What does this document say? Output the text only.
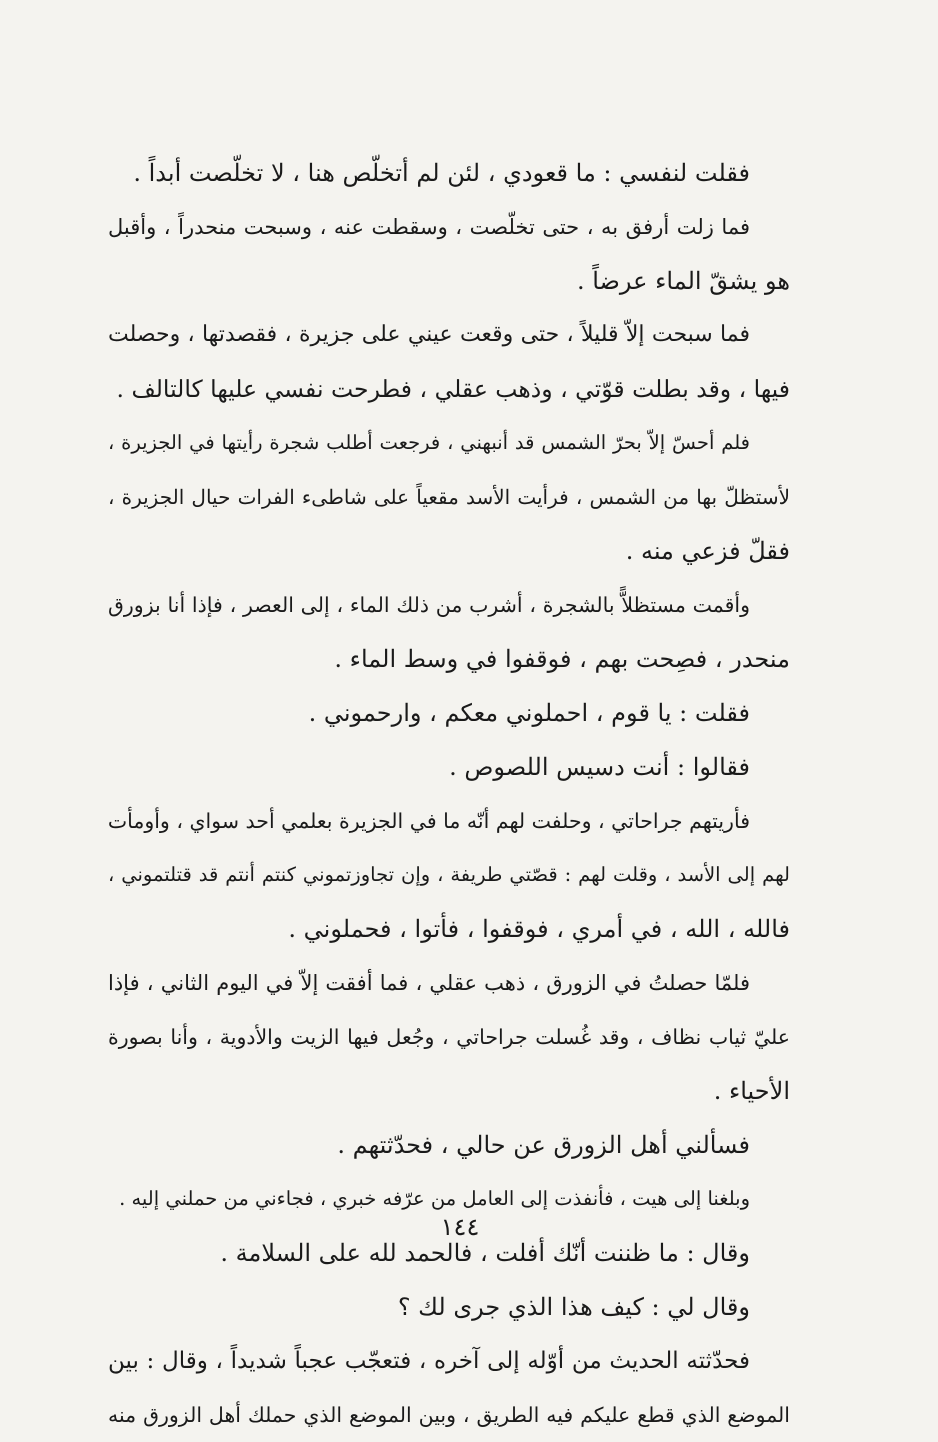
فقلت لنفسي : ما قعودي ، لئن لم أتخلّص هنا ، لا تخلّصت أبداً .
فما زلت أرفق به ، حتى تخلّصت ، وسقطت عنه ، وسبحت منحدراً ، وأقبل
هو يشقّ الماء عرضاً .
فما سبحت إلاّ قليلاً ، حتى وقعت عيني على جزيرة ، فقصدتها ، وحصلت
فيها ، وقد بطلت قوّتي ، وذهب عقلي ، فطرحت نفسي عليها كالتالف .
فلم أحسّ إلاّ بحرّ الشمس قد أنبهني ، فرجعت أطلب شجرة رأيتها في الجزيرة ،
لأستظلّ بها من الشمس ، فرأيت الأسد مقعياً على شاطىء الفرات حيال الجزيرة ،
فقلّ فزعي منه .
وأقمت مستظلاًّ بالشجرة ، أشرب من ذلك الماء ، إلى العصر ، فإذا أنا بزورق
منحدر ، فصِحت بهم ، فوقفوا في وسط الماء .
فقلت : يا قوم ، احملوني معكم ، وارحموني .
فقالوا : أنت دسيس اللصوص .
فأريتهم جراحاتي ، وحلفت لهم أنّه ما في الجزيرة بعلمي أحد سواي ، وأومأت
لهم إلى الأسد ، وقلت لهم : قصّتي طريفة ، وإن تجاوزتموني كنتم أنتم قد قتلتموني ،
فالله ، الله ، في أمري ، فوقفوا ، فأتوا ، فحملوني .
فلمّا حصلتُ في الزورق ، ذهب عقلي ، فما أفقت إلاّ في اليوم الثاني ، فإذا
عليّ ثياب نظاف ، وقد غُسلت جراحاتي ، وجُعل فيها الزيت والأدوية ، وأنا بصورة
الأحياء .
فسألني أهل الزورق عن حالي ، فحدّثتهم .
وبلغنا إلى هيت ، فأنفذت إلى العامل من عرّفه خبري ، فجاءني من حملني إليه .
وقال : ما ظننت أنّك أفلت ، فالحمد لله على السلامة .
وقال لي : كيف هذا الذي جرى لك ؟
فحدّثته الحديث من أوّله إلى آخره ، فتعجّب عجباً شديداً ، وقال : بين
الموضع الذي قطع عليكم فيه الطريق ، وبين الموضع الذي حملك أهل الزورق منه
١٤٤
